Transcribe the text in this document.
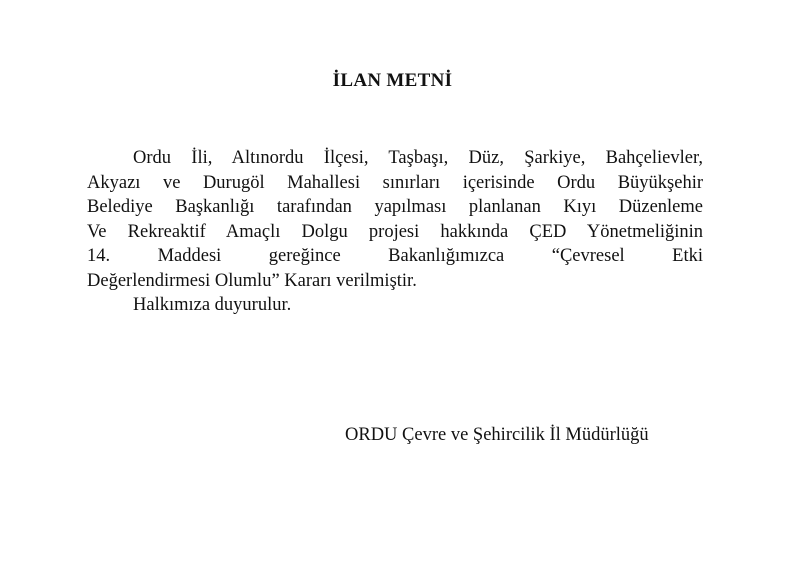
İLAN METNİ
Ordu İli, Altınordu İlçesi, Taşbaşı, Düz, Şarkiye, Bahçelievler,
Akyazı ve Durugöl Mahallesi sınırları içerisinde Ordu Büyükşehir
Belediye Başkanlığı tarafından yapılması planlanan Kıyı Düzenleme
Ve Rekreaktif Amaçlı Dolgu projesi hakkında ÇED Yönetmeliğinin
14. Maddesi gereğince Bakanlığımızca “Çevresel Etki
Değerlendirmesi Olumlu” Kararı verilmiştir.
Halkımıza duyurulur.
ORDU Çevre ve Şehircilik İl Müdürlüğü
